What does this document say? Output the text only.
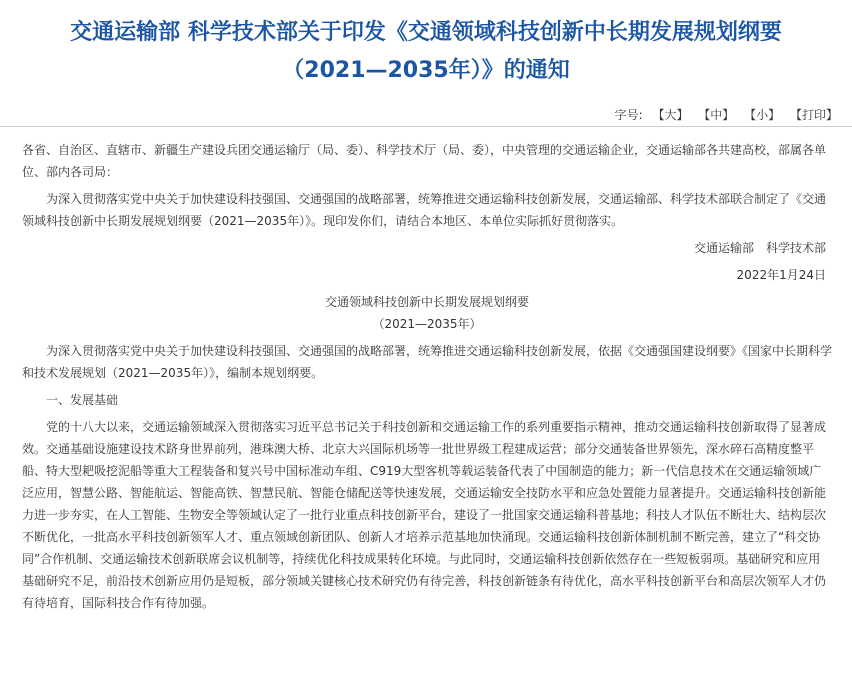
交通运输部 科学技术部关于印发《交通领域科技创新中长期发展规划纲要
（2021—2035年）》的通知
字号: 【大】 【中】 【小】 【打印】

各省、自治区、直辖市、新疆生产建设兵团交通运输厅（局、委）、科学技术厅（局、委），中央管理的交通运输企业，交通运输部各共建高校，部属各单位、部内各司局：

为深入贯彻落实党中央关于加快建设科技强国、交通强国的战略部署，统筹推进交通运输科技创新发展，交通运输部、科学技术部联合制定了《交通领域科技创新中长期发展规划纲要（2021—2035年）》。现印发你们，请结合本地区、本单位实际抓好贯彻落实。

交通运输部　科学技术部

2022年1月24日

交通领域科技创新中长期发展规划纲要

（2021—2035年）

为深入贯彻落实党中央关于加快建设科技强国、交通强国的战略部署，统筹推进交通运输科技创新发展，依据《交通强国建设纲要》《国家中长期科学和技术发展规划（2021—2035年）》，编制本规划纲要。

一、发展基础

党的十八大以来，交通运输领域深入贯彻落实习近平总书记关于科技创新和交通运输工作的系列重要指示精神，推动交通运输科技创新取得了显著成效。交通基础设施建设技术跻身世界前列，港珠澳大桥、北京大兴国际机场等一批世界级工程建成运营；部分交通装备世界领先，深水碎石高精度整平船、特大型耙吸挖泥船等重大工程装备和复兴号中国标准动车组、C919大型客机等载运装备代表了中国制造的能力；新一代信息技术在交通运输领域广泛应用，智慧公路、智能航运、智能高铁、智慧民航、智能仓储配送等快速发展，交通运输安全技防水平和应急处置能力显著提升。交通运输科技创新能力进一步夯实，在人工智能、生物安全等领域认定了一批行业重点科技创新平台，建设了一批国家交通运输科普基地；科技人才队伍不断壮大、结构层次不断优化，一批高水平科技创新领军人才、重点领域创新团队、创新人才培养示范基地加快涌现。交通运输科技创新体制机制不断完善，建立了“科交协同”合作机制、交通运输技术创新联席会议机制等，持续优化科技成果转化环境。与此同时，交通运输科技创新依然存在一些短板弱项。基础研究和应用基础研究不足，前沿技术创新应用仍是短板，部分领域关键核心技术研究仍有待完善，科技创新链条有待优化，高水平科技创新平台和高层次领军人才仍有待培育，国际科技合作有待加强。
